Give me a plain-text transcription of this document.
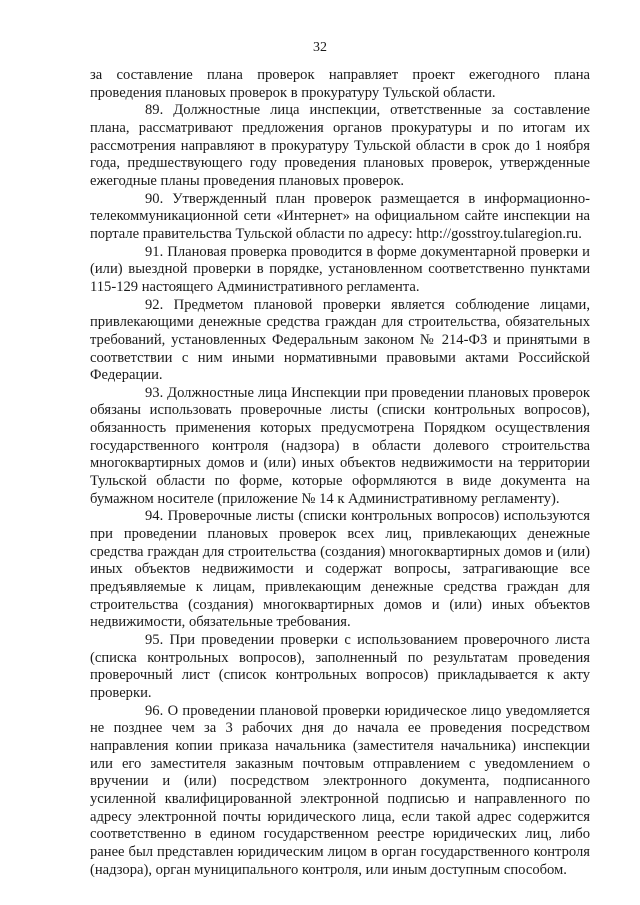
32

за составление плана проверок направляет проект ежегодного плана проведения плановых проверок в прокуратуру Тульской области.

89. Должностные лица инспекции, ответственные за составление плана, рассматривают предложения органов прокуратуры и по итогам их рассмотрения направляют в прокуратуру Тульской области в срок до 1 ноября года, предшествующего году проведения плановых проверок, утвержденные ежегодные планы проведения плановых проверок.

90. Утвержденный план проверок размещается в информационно-телекоммуникационной сети «Интернет» на официальном сайте инспекции на портале правительства Тульской области по адресу: http://gosstroy.tularegion.ru.

91. Плановая проверка проводится в форме документарной проверки и (или) выездной проверки в порядке, установленном соответственно пунктами 115-129 настоящего Административного регламента.

92. Предметом плановой проверки является соблюдение лицами, привлекающими денежные средства граждан для строительства, обязательных требований, установленных Федеральным законом № 214-ФЗ и принятыми в соответствии с ним иными нормативными правовыми актами Российской Федерации.

93. Должностные лица Инспекции при проведении плановых проверок обязаны использовать проверочные листы (списки контрольных вопросов), обязанность применения которых предусмотрена Порядком осуществления государственного контроля (надзора) в области долевого строительства многоквартирных домов и (или) иных объектов недвижимости на территории Тульской области по форме, которые оформляются в виде документа на бумажном носителе (приложение № 14 к Административному регламенту).

94. Проверочные листы (списки контрольных вопросов) используются при проведении плановых проверок всех лиц, привлекающих денежные средства граждан для строительства (создания) многоквартирных домов и (или) иных объектов недвижимости и содержат вопросы, затрагивающие все предъявляемые к лицам, привлекающим денежные средства граждан для строительства (создания) многоквартирных домов и (или) иных объектов недвижимости, обязательные требования.

95. При проведении проверки с использованием проверочного листа (списка контрольных вопросов), заполненный по результатам проведения проверочный лист (список контрольных вопросов) прикладывается к акту проверки.

96. О проведении плановой проверки юридическое лицо уведомляется не позднее чем за 3 рабочих дня до начала ее проведения посредством направления копии приказа начальника (заместителя начальника) инспекции или его заместителя заказным почтовым отправлением с уведомлением о вручении и (или) посредством электронного документа, подписанного усиленной квалифицированной электронной подписью и направленного по адресу электронной почты юридического лица, если такой адрес содержится соответственно в едином государственном реестре юридических лиц, либо ранее был представлен юридическим лицом в орган государственного контроля (надзора), орган муниципального контроля, или иным доступным способом.
